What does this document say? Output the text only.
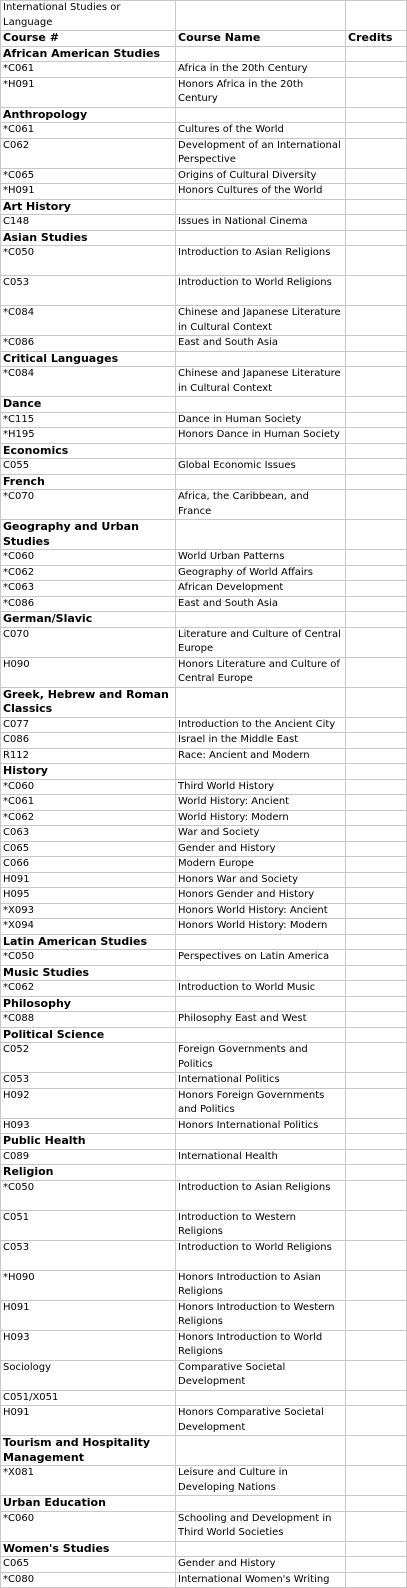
International Studies or Language		
Course #	Course Name	Credits
African American Studies		
*C061	Africa in the 20th Century	
*H091	Honors Africa in the 20th Century	
Anthropology		
*C061	Cultures of the World	
C062	Development of an International Perspective	
*C065	Origins of Cultural Diversity	
*H091	Honors Cultures of the World	
Art History		
C148	Issues in National Cinema	
Asian Studies		
*C050	Introduction to Asian Religions	
C053	Introduction to World Religions	
*C084	Chinese and Japanese Literature in Cultural Context	
*C086	East and South Asia	
Critical Languages		
*C084	Chinese and Japanese Literature in Cultural Context	
Dance		
*C115	Dance in Human Society	
*H195	Honors Dance in Human Society	
Economics		
C055	Global Economic Issues	
French		
*C070	Africa, the Caribbean, and France	
Geography and Urban Studies		
*C060	World Urban Patterns	
*C062	Geography of World Affairs	
*C063	African Development	
*C086	East and South Asia	
German/Slavic		
C070	Literature and Culture of Central Europe	
H090	Honors Literature and Culture of Central Europe	
Greek, Hebrew and Roman Classics		
C077	Introduction to the Ancient City	
C086	Israel in the Middle East	
R112	Race: Ancient and Modern	
History		
*C060	Third World History	
*C061	World History: Ancient	
*C062	World History: Modern	
C063	War and Society	
C065	Gender and History	
C066	Modern Europe	
H091	Honors War and Society	
H095	Honors Gender and History	
*X093	Honors World History: Ancient	
*X094	Honors World History: Modern	
Latin American Studies		
*C050	Perspectives on Latin America	
Music Studies		
*C062	Introduction to World Music	
Philosophy		
*C088	Philosophy East and West	
Political Science		
C052	Foreign Governments and Politics	
C053	International Politics	
H092	Honors Foreign Governments and Politics	
H093	Honors International Politics	
Public Health		
C089	International Health	
Religion		
*C050	Introduction to Asian Religions	
C051	Introduction to Western Religions	
C053	Introduction to World Religions	
*H090	Honors Introduction to Asian Religions	
H091	Honors Introduction to Western Religions	
H093	Honors Introduction to World Religions	
Sociology	Comparative Societal Development	
C051/X051		
H091	Honors Comparative Societal Development	
Tourism and Hospitality Management		
*X081	Leisure and Culture in Developing Nations	
Urban Education		
*C060	Schooling and Development in Third World Societies	
Women's Studies		
C065	Gender and History	
*C080	International Women's Writing	
